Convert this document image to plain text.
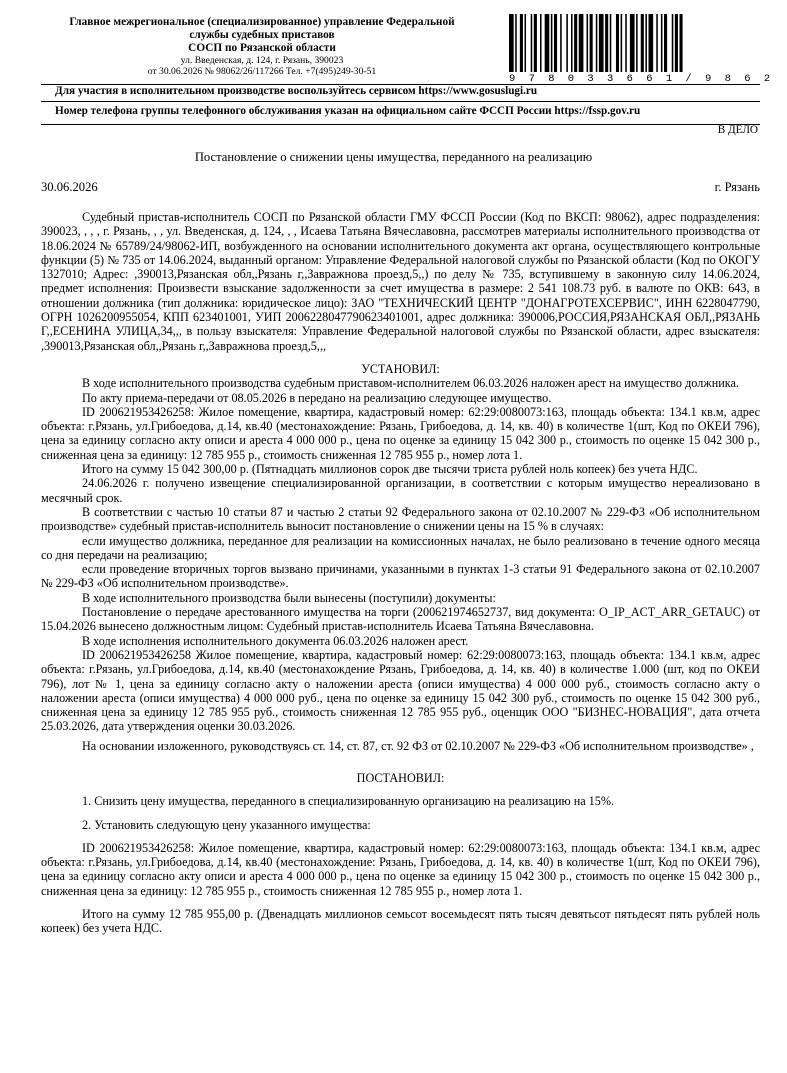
Главное межрегиональное (специализированное) управление Федеральной
службы судебных приставов
СОСП по Рязанской области
ул. Введенская, д. 124, г. Рязань, 390023
от 30.06.2026 № 98062/26/117266 Тел. +7(495)249-30-51
9 7 8 0 3 3 6 6 1 / 9 8 6 2
Для участия в исполнительном производстве воспользуйтесь сервисом https://www.gosuslugi.ru
Номер телефона группы телефонного обслуживания указан на официальном сайте ФССП России https://fssp.gov.ru
В ДЕЛО
Постановление о снижении цены имущества, переданного на реализацию
30.06.2026	г. Рязань

Судебный пристав-исполнитель СОСП по Рязанской области ГМУ ФССП России (Код по ВКСП: 98062), адрес подразделения: 390023, , , , г. Рязань, , , ул. Введенская, д. 124, , , Исаева Татьяна Вячеславовна, рассмотрев материалы исполнительного производства от 18.06.2024 № 65789/24/98062-ИП, возбужденного на основании исполнительного документа акт органа, осуществляющего контрольные функции (5) № 735 от 14.06.2024, выданный органом: Управление Федеральной налоговой службы по Рязанской области (Код по ОКОГУ 1327010; Адрес: ,390013,Рязанская обл,,Рязань г,,Завражнова проезд,5,,) по делу № 735, вступившему в законную силу 14.06.2024, предмет исполнения: Произвести взыскание задолженности за счет имущества в размере: 2 541 108.73 руб. в валюте по ОКВ: 643, в отношении должника (тип должника: юридическое лицо): ЗАО "ТЕХНИЧЕСКИЙ ЦЕНТР "ДОНАГРОТЕХСЕРВИС", ИНН 6228047790, ОГРН 1026200955054, КПП 623401001, УИП 2006228047790623401001, адрес должника: 390006,РОССИЯ,РЯЗАНСКАЯ ОБЛ,,РЯЗАНЬ Г,,ЕСЕНИНА УЛИЦА,34,,, в пользу взыскателя: Управление Федеральной налоговой службы по Рязанской области, адрес взыскателя: ,390013,Рязанская обл,,Рязань г,,Завражнова проезд,5,,,

УСТАНОВИЛ:

В ходе исполнительного производства судебным приставом-исполнителем 06.03.2026 наложен арест на имущество должника.

По акту приема-передачи от 08.05.2026 в передано на реализацию следующее имущество.

ID 200621953426258: Жилое помещение, квартира, кадастровый номер: 62:29:0080073:163, площадь объекта: 134.1 кв.м, адрес объекта: г.Рязань, ул.Грибоедова, д.14, кв.40 (местонахождение: Рязань, Грибоедова, д. 14, кв. 40) в количестве 1(шт, Код по ОКЕИ 796), цена за единицу согласно акту описи и ареста 4 000 000 р., цена по оценке за единицу 15 042 300 р., стоимость по оценке 15 042 300 р., сниженная цена за единицу: 12 785 955 р., стоимость сниженная 12 785 955 р., номер лота 1.

Итого на сумму 15 042 300,00 р. (Пятнадцать миллионов сорок две тысячи триста рублей ноль копеек) без учета НДС.

24.06.2026 г. получено извещение специализированной организации, в соответствии с которым имущество нереализовано в месячный срок.

В соответствии с частью 10 статьи 87 и частью 2 статьи 92 Федерального закона от 02.10.2007 № 229-ФЗ «Об исполнительном производстве» судебный пристав-исполнитель выносит постановление о снижении цены на 15 % в случаях:

если имущество должника, переданное для реализации на комиссионных началах, не было реализовано в течение одного месяца со дня передачи на реализацию;

если проведение вторичных торгов вызвано причинами, указанными в пунктах 1-3 статьи 91 Федерального закона от 02.10.2007 № 229-ФЗ «Об исполнительном производстве».

В ходе исполнительного производства были вынесены (поступили) документы:

Постановление о передаче арестованного имущества на торги (200621974652737, вид документа: O_IP_ACT_ARR_GETAUC) от 15.04.2026 вынесено должностным лицом: Судебный пристав-исполнитель Исаева Татьяна Вячеславовна.

В ходе исполнения исполнительного документа 06.03.2026 наложен арест.

ID 200621953426258 Жилое помещение, квартира, кадастровый номер: 62:29:0080073:163, площадь объекта: 134.1 кв.м, адрес объекта: г.Рязань, ул.Грибоедова, д.14, кв.40 (местонахождение Рязань, Грибоедова, д. 14, кв. 40) в количестве 1.000 (шт, код по ОКЕИ 796), лот № 1, цена за единицу согласно акту о наложении ареста (описи имущества) 4 000 000 руб., стоимость согласно акту о наложении ареста (описи имущества) 4 000 000 руб., цена по оценке за единицу 15 042 300 руб., стоимость по оценке 15 042 300 руб., сниженная цена за единицу 12 785 955 руб., стоимость сниженная 12 785 955 руб., оценщик ООО "БИЗНЕС-НОВАЦИЯ", дата отчета 25.03.2026, дата утверждения оценки 30.03.2026.

На основании изложенного, руководствуясь ст. 14, ст. 87, ст. 92 ФЗ от 02.10.2007 № 229-ФЗ «Об исполнительном производстве» ,

ПОСТАНОВИЛ:

1. Снизить цену имущества, переданного в специализированную организацию на реализацию на 15%.

2. Установить следующую цену указанного имущества:

ID 200621953426258: Жилое помещение, квартира, кадастровый номер: 62:29:0080073:163, площадь объекта: 134.1 кв.м, адрес объекта: г.Рязань, ул.Грибоедова, д.14, кв.40 (местонахождение: Рязань, Грибоедова, д. 14, кв. 40) в количестве 1(шт, Код по ОКЕИ 796), цена за единицу согласно акту описи и ареста 4 000 000 р., цена по оценке за единицу 15 042 300 р., стоимость по оценке 15 042 300 р., сниженная цена за единицу: 12 785 955 р., стоимость сниженная 12 785 955 р., номер лота 1.

Итого на сумму 12 785 955,00 р. (Двенадцать миллионов семьсот восемьдесят пять тысяч девятьсот пятьдесят пять рублей ноль копеек) без учета НДС.
